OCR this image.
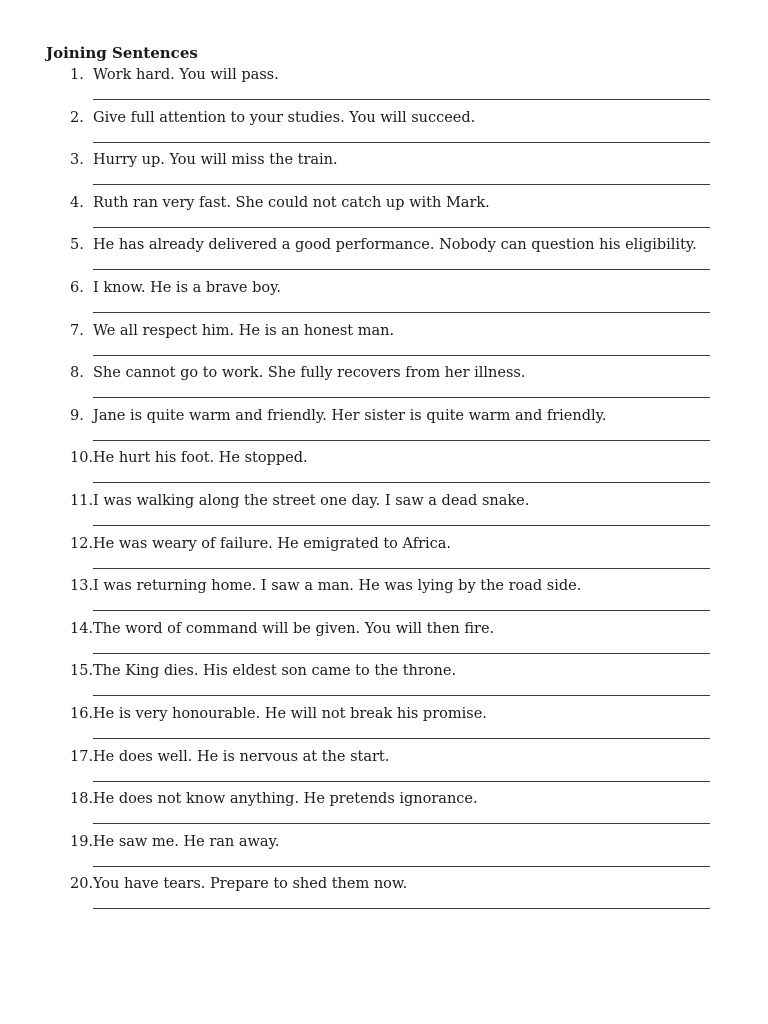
Joining Sentences
1. Work hard. You will pass.
2. Give full attention to your studies. You will succeed.
3. Hurry up. You will miss the train.
4. Ruth ran very fast. She could not catch up with Mark.
5. He has already delivered a good performance. Nobody can question his eligibility.
6. I know. He is a brave boy.
7. We all respect him. He is an honest man.
8. She cannot go to work. She fully recovers from her illness.
9. Jane is quite warm and friendly. Her sister is quite warm and friendly.
10. He hurt his foot. He stopped.
11. I was walking along the street one day. I saw a dead snake.
12. He was weary of failure. He emigrated to Africa.
13. I was returning home. I saw a man. He was lying by the road side.
14. The word of command will be given. You will then fire.
15. The King dies. His eldest son came to the throne.
16. He is very honourable. He will not break his promise.
17. He does well. He is nervous at the start.
18. He does not know anything. He pretends ignorance.
19. He saw me. He ran away.
20. You have tears. Prepare to shed them now.
